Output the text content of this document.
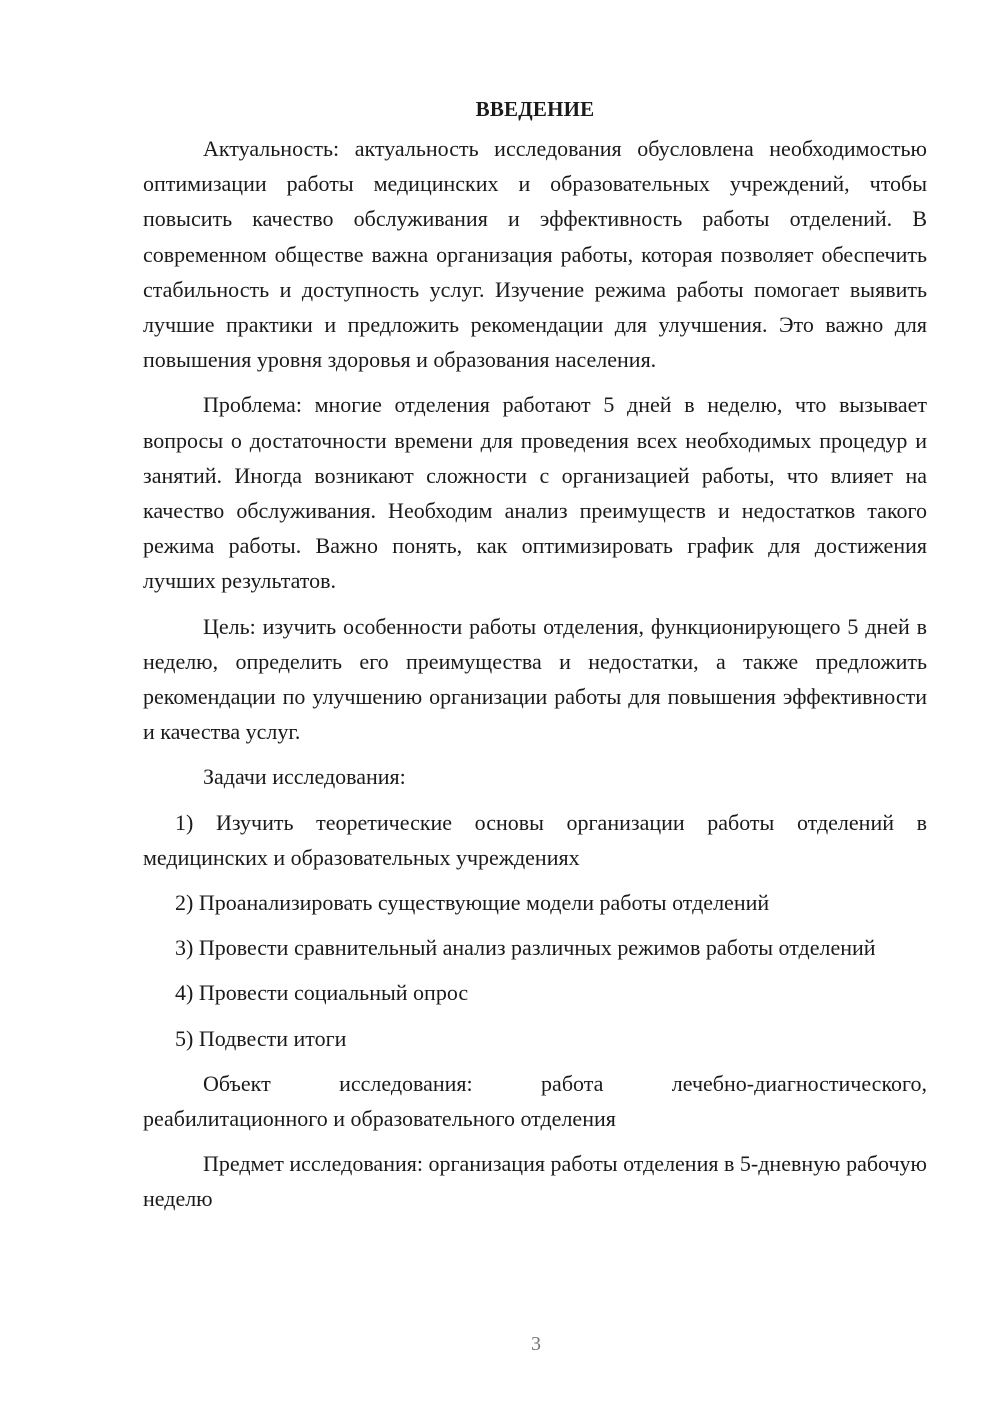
ВВЕДЕНИЕ

Актуальность: актуальность исследования обусловлена необходимостью оптимизации работы медицинских и образовательных учреждений, чтобы повысить качество обслуживания и эффективность работы отделений. В современном обществе важна организация работы, которая позволяет обеспечить стабильность и доступность услуг. Изучение режима работы помогает выявить лучшие практики и предложить рекомендации для улучшения. Это важно для повышения уровня здоровья и образования населения.

Проблема: многие отделения работают 5 дней в неделю, что вызывает вопросы о достаточности времени для проведения всех необходимых процедур и занятий. Иногда возникают сложности с организацией работы, что влияет на качество обслуживания. Необходим анализ преимуществ и недостатков такого режима работы. Важно понять, как оптимизировать график для достижения лучших результатов.

Цель: изучить особенности работы отделения, функционирующего 5 дней в неделю, определить его преимущества и недостатки, а также предложить рекомендации по улучшению организации работы для повышения эффективности и качества услуг.

Задачи исследования:

1) Изучить теоретические основы организации работы отделений в медицинских и образовательных учреждениях

2) Проанализировать существующие модели работы отделений

3) Провести сравнительный анализ различных режимов работы отделений

4) Провести социальный опрос

5) Подвести итоги

Объект исследования: работа лечебно-диагностического, реабилитационного и образовательного отделения

Предмет исследования: организация работы отделения в 5-дневную рабочую неделю

3
